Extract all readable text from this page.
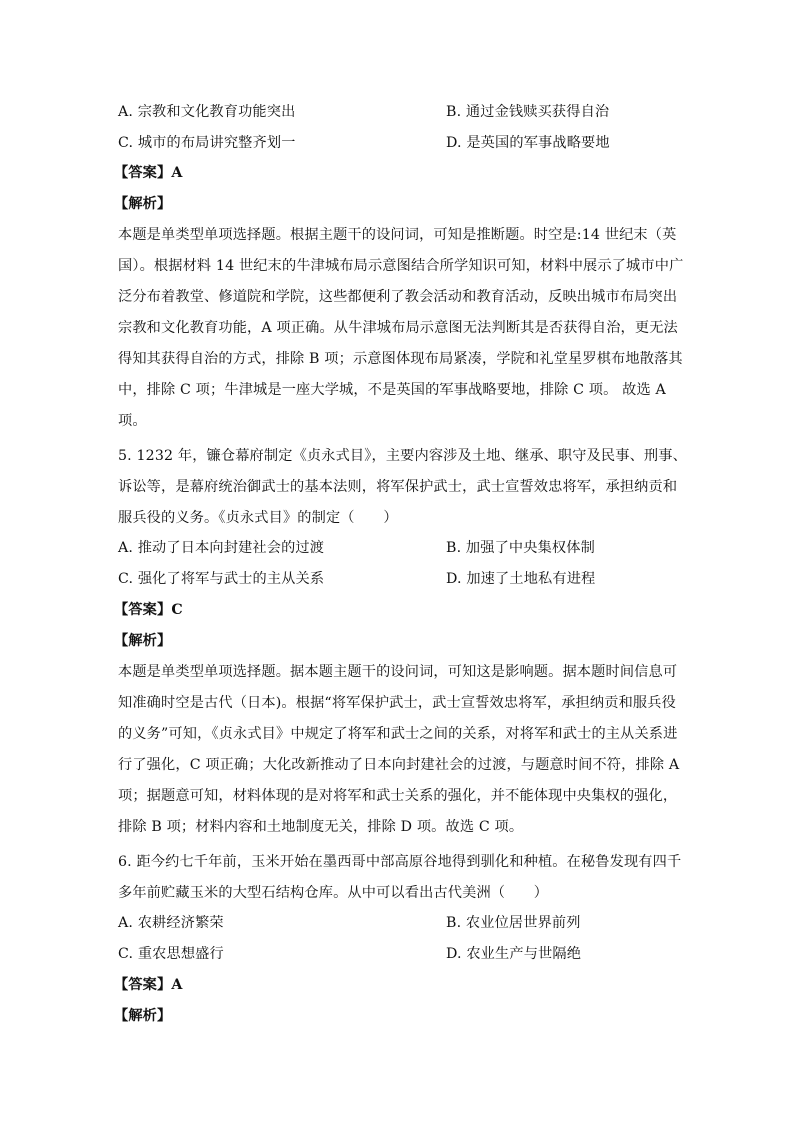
A. 宗教和文化教育功能突出	B. 通过金钱赎买获得自治
C. 城市的布局讲究整齐划一	D. 是英国的军事战略要地
【答案】A
【解析】
本题是单类型单项选择题。根据主题干的设问词，可知是推断题。时空是:14 世纪末（英
国）。根据材料 14 世纪末的牛津城布局示意图结合所学知识可知，材料中展示了城市中广
泛分布着教堂、修道院和学院，这些都便利了教会活动和教育活动，反映出城市布局突出
宗教和文化教育功能，A 项正确。从牛津城布局示意图无法判断其是否获得自治，更无法
得知其获得自治的方式，排除 B 项；示意图体现布局紧凑，学院和礼堂星罗棋布地散落其
中，排除 C 项；牛津城是一座大学城，不是英国的军事战略要地，排除 C 项。 故选 A
项。
5. 1232 年，镰仓幕府制定《贞永式目》，主要内容涉及土地、继承、职守及民事、刑事、
诉讼等，是幕府统治御武士的基本法则，将军保护武士，武士宣誓效忠将军，承担纳贡和
服兵役的义务。《贞永式目》的制定（　　）
A. 推动了日本向封建社会的过渡	B. 加强了中央集权体制
C. 强化了将军与武士的主从关系	D. 加速了土地私有进程
【答案】C
【解析】
本题是单类型单项选择题。据本题主题干的设问词，可知这是影响题。据本题时间信息可
知准确时空是古代（日本)。根据“将军保护武士，武士宣誓效忠将军，承担纳贡和服兵役
的义务”可知，《贞永式目》中规定了将军和武士之间的关系，对将军和武士的主从关系进
行了强化，C 项正确；大化改新推动了日本向封建社会的过渡，与题意时间不符，排除 A
项；据题意可知，材料体现的是对将军和武士关系的强化，并不能体现中央集权的强化，
排除 B 项；材料内容和土地制度无关，排除 D 项。故选 C 项。
6. 距今约七千年前，玉米开始在墨西哥中部高原谷地得到驯化和种植。在秘鲁发现有四千
多年前贮藏玉米的大型石结构仓库。从中可以看出古代美洲（　　）
A. 农耕经济繁荣	B. 农业位居世界前列
C. 重农思想盛行	D. 农业生产与世隔绝
【答案】A
【解析】
